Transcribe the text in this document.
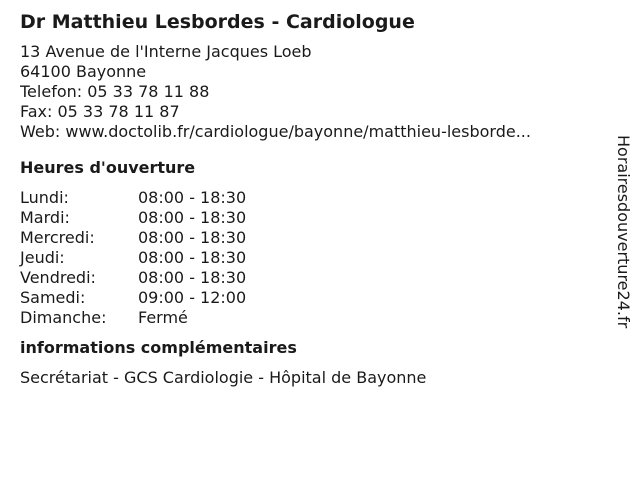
Dr Matthieu Lesbordes - Cardiologue
13 Avenue de l'Interne Jacques Loeb
64100 Bayonne
Telefon: 05 33 78 11 88
Fax: 05 33 78 11 87
Web: www.doctolib.fr/cardiologue/bayonne/matthieu-lesborde...
Heures d'ouverture
Lundi:	08:00 - 18:30
Mardi:	08:00 - 18:30
Mercredi:	08:00 - 18:30
Jeudi:	08:00 - 18:30
Vendredi:	08:00 - 18:30
Samedi:	09:00 - 12:00
Dimanche:	Fermé
informations complémentaires
Secrétariat - GCS Cardiologie - Hôpital de Bayonne
Horairesdouverture24.fr
